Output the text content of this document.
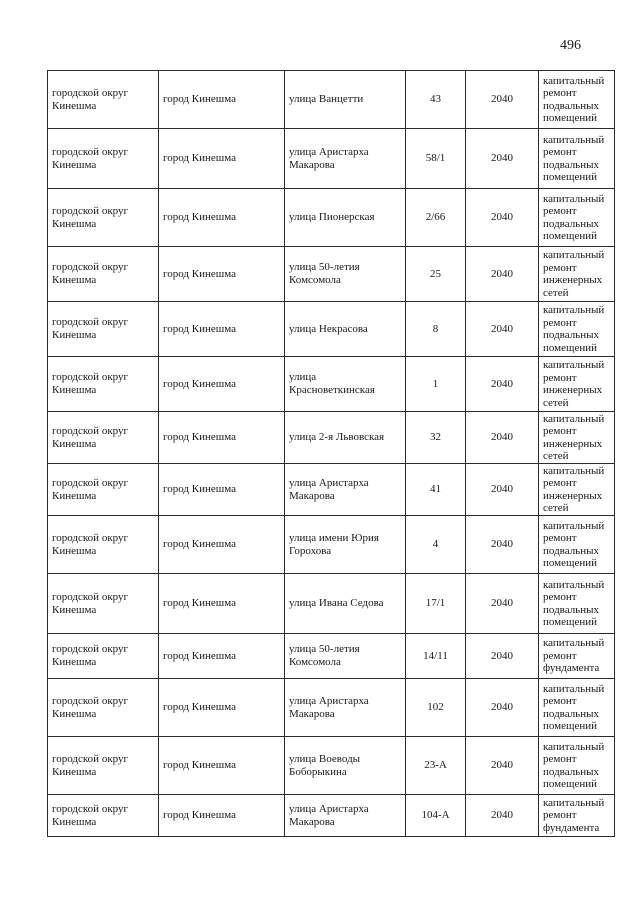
496
городской округ Кинешма	город Кинешма	улица Ванцетти	43	2040	капитальный ремонт подвальных помещений
городской округ Кинешма	город Кинешма	улица Аристарха Макарова	58/1	2040	капитальный ремонт подвальных помещений
городской округ Кинешма	город Кинешма	улица Пионерская	2/66	2040	капитальный ремонт подвальных помещений
городской округ Кинешма	город Кинешма	улица 50-летия Комсомола	25	2040	капитальный ремонт инженерных сетей
городской округ Кинешма	город Кинешма	улица Некрасова	8	2040	капитальный ремонт подвальных помещений
городской округ Кинешма	город Кинешма	улица Красноветкинская	1	2040	капитальный ремонт инженерных сетей
городской округ Кинешма	город Кинешма	улица 2-я Львовская	32	2040	капитальный ремонт инженерных сетей
городской округ Кинешма	город Кинешма	улица Аристарха Макарова	41	2040	капитальный ремонт инженерных сетей
городской округ Кинешма	город Кинешма	улица имени Юрия Горохова	4	2040	капитальный ремонт подвальных помещений
городской округ Кинешма	город Кинешма	улица Ивана Седова	17/1	2040	капитальный ремонт подвальных помещений
городской округ Кинешма	город Кинешма	улица 50-летия Комсомола	14/11	2040	капитальный ремонт фундамента
городской округ Кинешма	город Кинешма	улица Аристарха Макарова	102	2040	капитальный ремонт подвальных помещений
городской округ Кинешма	город Кинешма	улица Воеводы Боборыкина	23-А	2040	капитальный ремонт подвальных помещений
городской округ Кинешма	город Кинешма	улица Аристарха Макарова	104-А	2040	капитальный ремонт фундамента
